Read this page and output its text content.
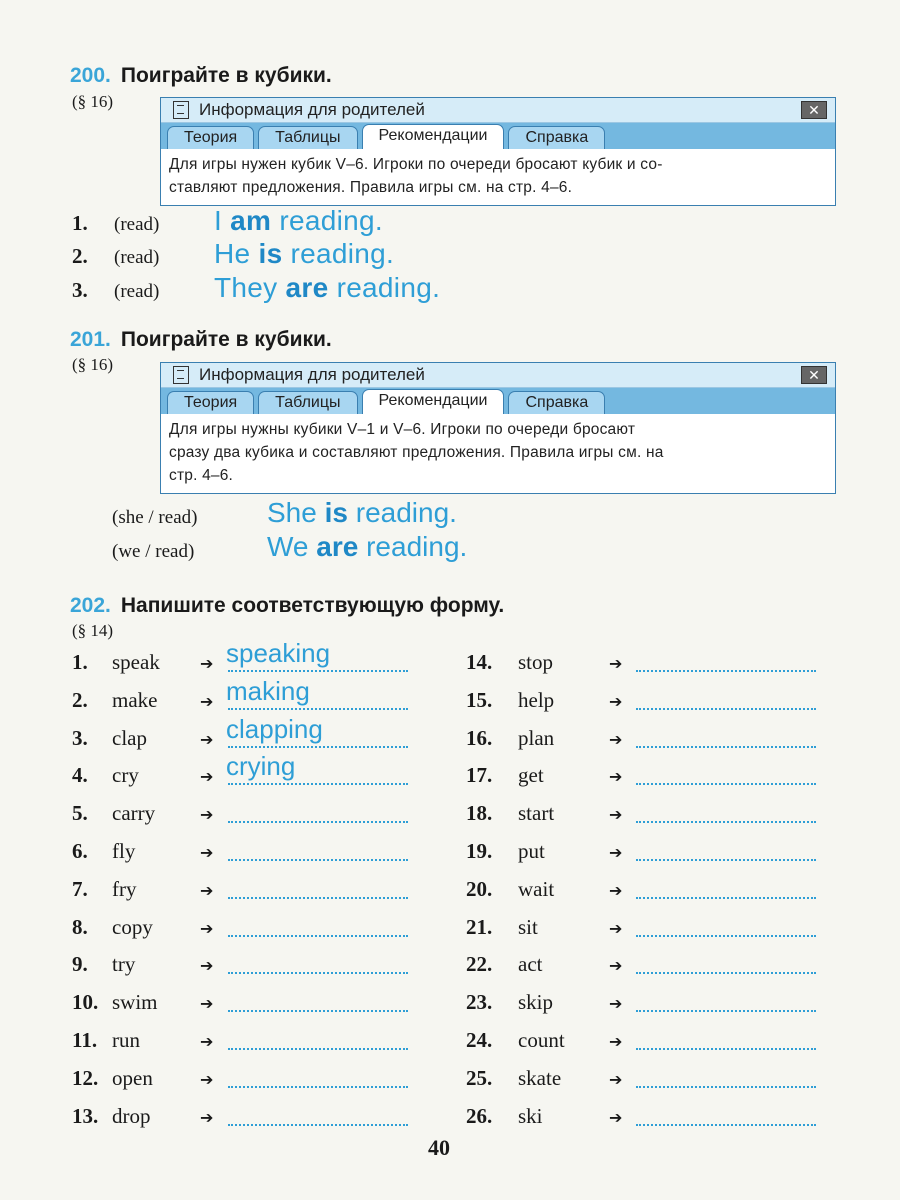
200. Поиграйте в кубики.
(§ 16)	Информация для родителей	✕
Теория	Таблицы	Рекомендации	Справка
Для игры нужен кубик V–6. Игроки по очереди бросают кубик и со-
ставляют предложения. Правила игры см. на стр. 4–6.
1.	(read)	I am reading.
2.	(read)	He is reading.
3.	(read)	They are reading.
201. Поиграйте в кубики.
(§ 16)
Информация для родителей	✕
Теория	Таблицы	Рекомендации	Справка
Для игры нужны кубики V–1 и V–6. Игроки по очереди бросают
сразу два кубика и составляют предложения. Правила игры см. на
стр. 4–6.
(she / read) She is reading.
(we / read)	We are reading.
202. Напишите соответствующую форму.
(§ 14)
1. speak	➔ speaking
2. make	➔ making
3. clap	➔ clapping
4. cry	➔ crying
5. carry	➔
6. fly	➔
7. fry	➔
8. copy	➔
9. try	➔
10. swim	➔
11. run	➔
12. open	➔
13. drop	➔
14. stop	➔
15. help	➔
16. plan	➔
17. get	➔
18. start	➔
19. put	➔
20. wait	➔
21. sit	➔
22. act	➔
23. skip	➔
24. count	➔
25. skate	➔
26. ski	➔
40
